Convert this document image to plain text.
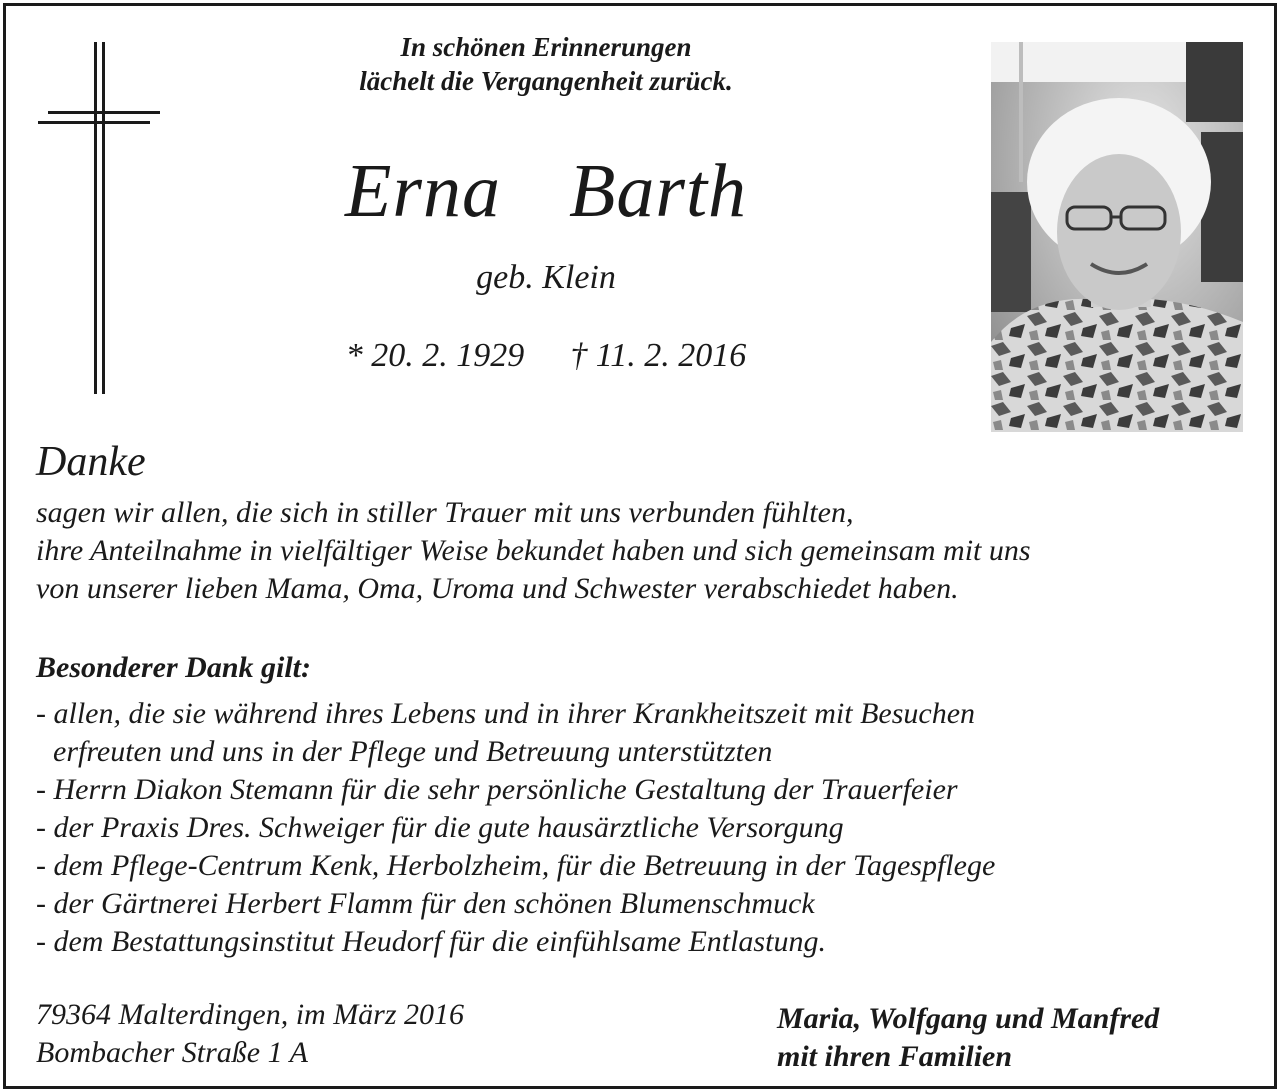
In schönen Erinnerungen
lächelt die Vergangenheit zurück.
Erna  Barth
geb. Klein
* 20. 2. 1929 † 11. 2. 2016
Danke
sagen wir allen, die sich in stiller Trauer mit uns verbunden fühlten,
ihre Anteilnahme in vielfältiger Weise bekundet haben und sich gemeinsam mit uns
von unserer lieben Mama, Oma, Uroma und Schwester verabschiedet haben.
Besonderer Dank gilt:
- allen, die sie während ihres Lebens und in ihrer Krankheitszeit mit Besuchen
erfreuten und uns in der Pflege und Betreuung unterstützten
- Herrn Diakon Stemann für die sehr persönliche Gestaltung der Trauerfeier
- der Praxis Dres. Schweiger für die gute hausärztliche Versorgung
- dem Pflege-Centrum Kenk, Herbolzheim, für die Betreuung in der Tagespflege
- der Gärtnerei Herbert Flamm für den schönen Blumenschmuck
- dem Bestattungsinstitut Heudorf für die einfühlsame Entlastung.
79364 Malterdingen, im März 2016
Bombacher Straße 1 A
Maria, Wolfgang und Manfred
mit ihren Familien
